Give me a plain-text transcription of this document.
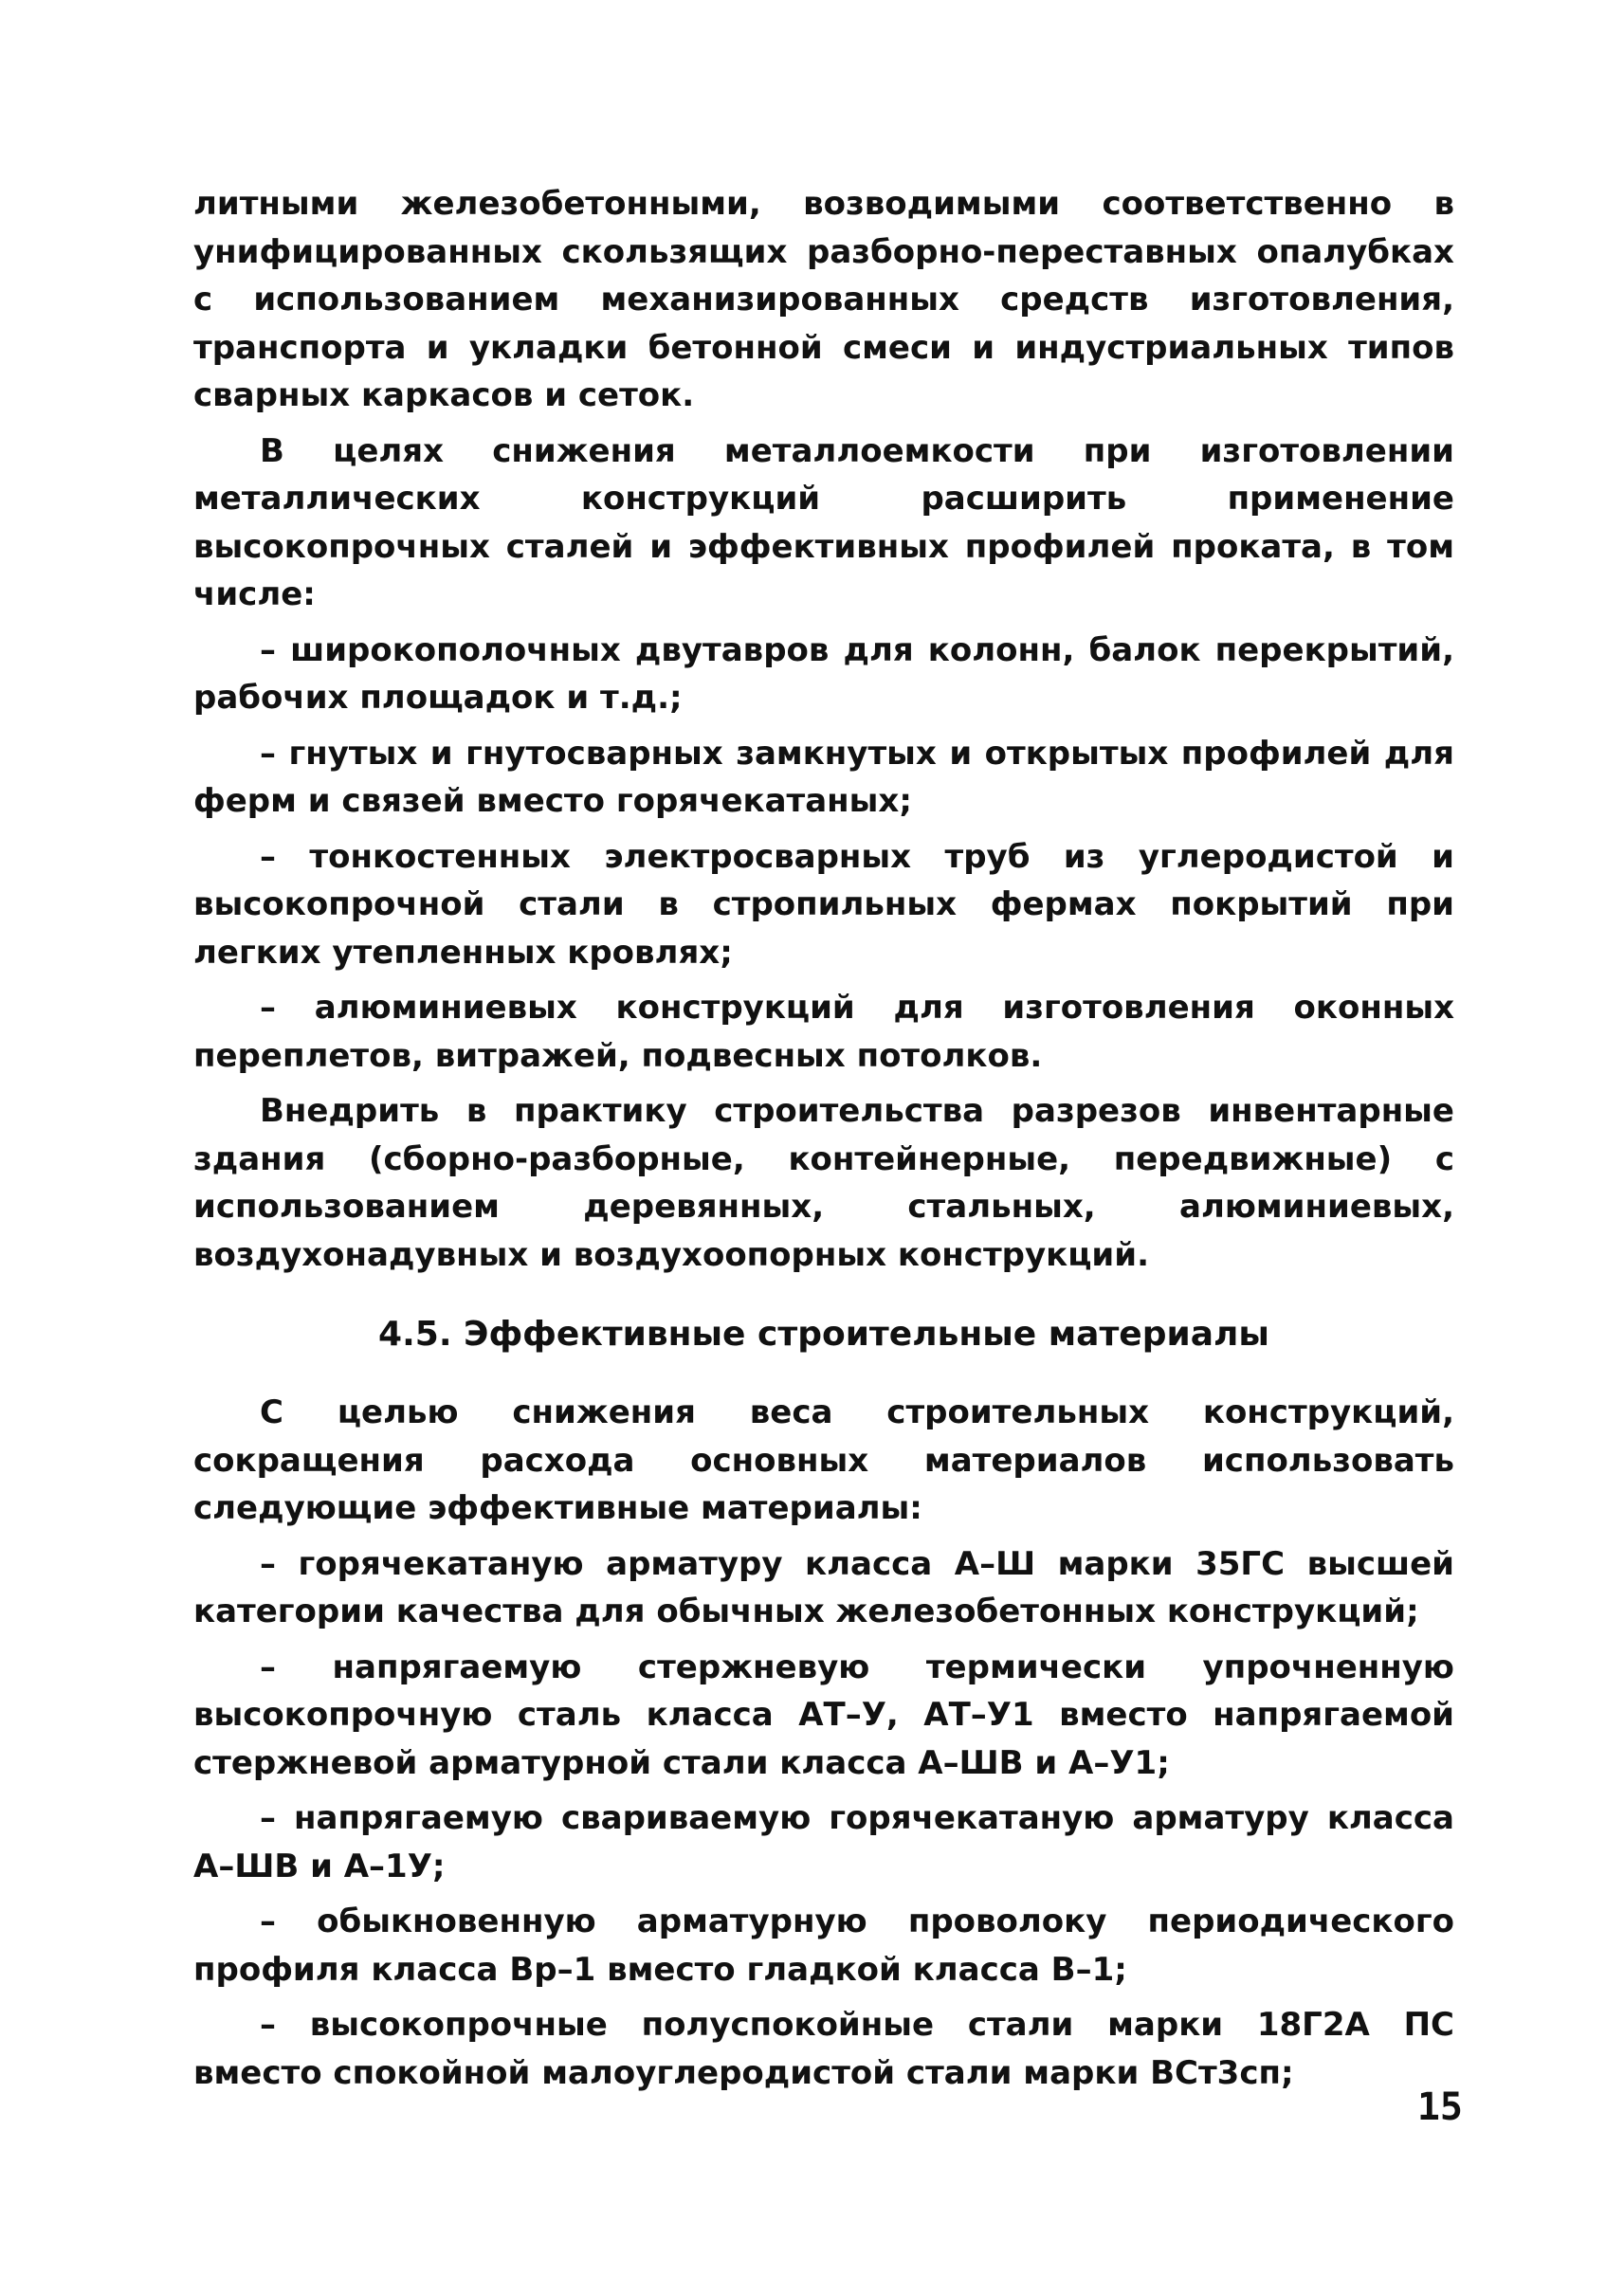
литными железобетонными, возводимыми соответственно в унифицированных скользящих разборно-переставных опалубках с использованием механизированных средств изготовления, транспорта и укладки бетонной смеси и индустриальных типов сварных каркасов и сеток.

В целях снижения металлоемкости при изготовлении металлических конструкций расширить применение высокопрочных сталей и эффективных профилей проката, в том числе:

– широкополочных двутавров для колонн, балок перекрытий, рабочих площадок и т.д.;

– гнутых и гнутосварных замкнутых и открытых профилей для ферм и связей вместо горячекатаных;

– тонкостенных электросварных труб из углеродистой и высокопрочной стали в стропильных фермах покрытий при легких утепленных кровлях;

– алюминиевых конструкций для изготовления оконных переплетов, витражей, подвесных потолков.

Внедрить в практику строительства разрезов инвентарные здания (сборно-разборные, контейнерные, передвижные) с использованием деревянных, стальных, алюминиевых, воздухонадувных и воздухоопорных конструкций.

4.5. Эффективные строительные материалы

С целью снижения веса строительных конструкций, сокращения расхода основных материалов использовать следующие эффективные материалы:

– горячекатаную арматуру класса А–Ш марки 35ГС высшей категории качества для обычных железобетонных конструкций;

– напрягаемую стержневую термически упрочненную высокопрочную сталь класса АТ–У, АТ–У1 вместо напрягаемой стержневой арматурной стали класса А–ШВ и А–У1;

– напрягаемую свариваемую горячекатаную арматуру класса А–ШВ и А–1У;

– обыкновенную арматурную проволоку периодического профиля класса Вр–1 вместо гладкой класса В–1;

– высокопрочные полуспокойные стали марки 18Г2А ПС вместо спокойной малоуглеродистой стали марки ВСт3сп;

15
